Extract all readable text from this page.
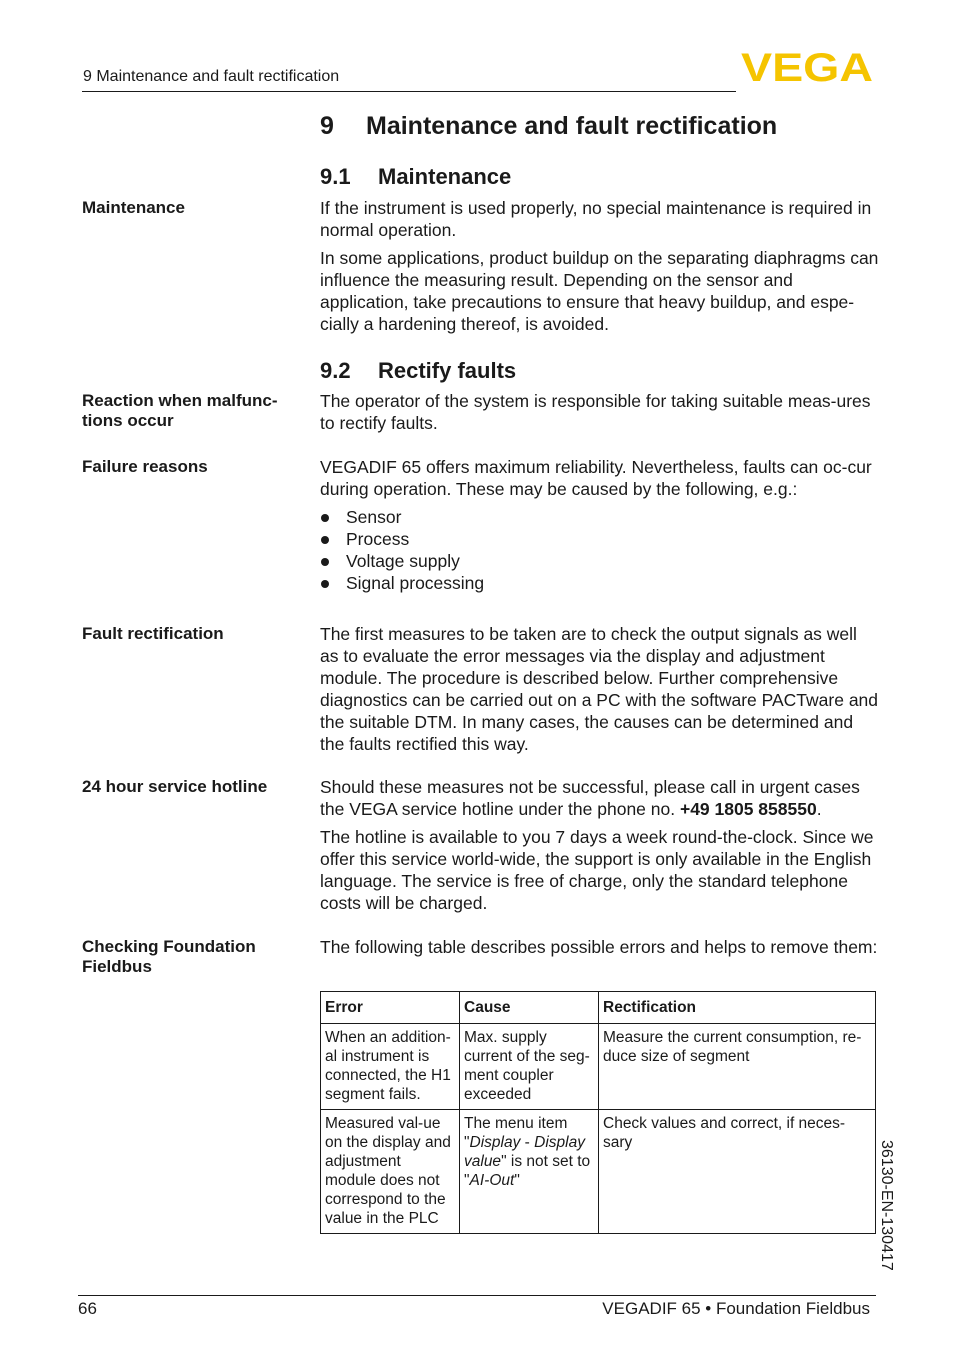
9 Maintenance and fault rectification	VEGA
9 Maintenance and fault rectification
9.1 Maintenance
Maintenance	If the instrument is used properly, no special maintenance is required in normal operation.

In some applications, product buildup on the separating diaphragms can influence the measuring result. Depending on the sensor and application, take precautions to ensure that heavy buildup, and espe-cially a hardening thereof, is avoided.

9.2 Rectify faults
Reaction when malfunc-tions occur
The operator of the system is responsible for taking suitable meas-ures to rectify faults.
Failure reasons	VEGADIF 65 offers maximum reliability. Nevertheless, faults can oc-cur during operation. These may be caused by the following, e.g.:

Sensor
Process
Voltage supply
Signal processing
Fault rectification	The first measures to be taken are to check the output signals as well as to evaluate the error messages via the display and adjustment module. The procedure is described below. Further comprehensive diagnostics can be carried out on a PC with the software PACTware and the suitable DTM. In many cases, the causes can be determined and the faults rectified this way.
24 hour service hotline	Should these measures not be successful, please call in urgent cases the VEGA service hotline under the phone no. +49 1805 858550.

The hotline is available to you 7 days a week round-the-clock. Since we offer this service world-wide, the support is only available in the English language. The service is free of charge, only the standard telephone costs will be charged.

Checking Foundation Fieldbus
The following table describes possible errors and helps to remove them:
Error	Cause	Rectification
When an addition-al instrument is connected, the H1 segment fails.	Max. supply current of the seg-ment coupler exceeded	Measure the current consumption, re-duce size of segment
Measured val-ue on the display and adjustment module does not correspond to the value in the PLC	The menu item "Display - Display value" is not set to "AI-Out"	Check values and correct, if neces-sary	36130-EN-130417
66	VEGADIF 65 • Foundation Fieldbus
